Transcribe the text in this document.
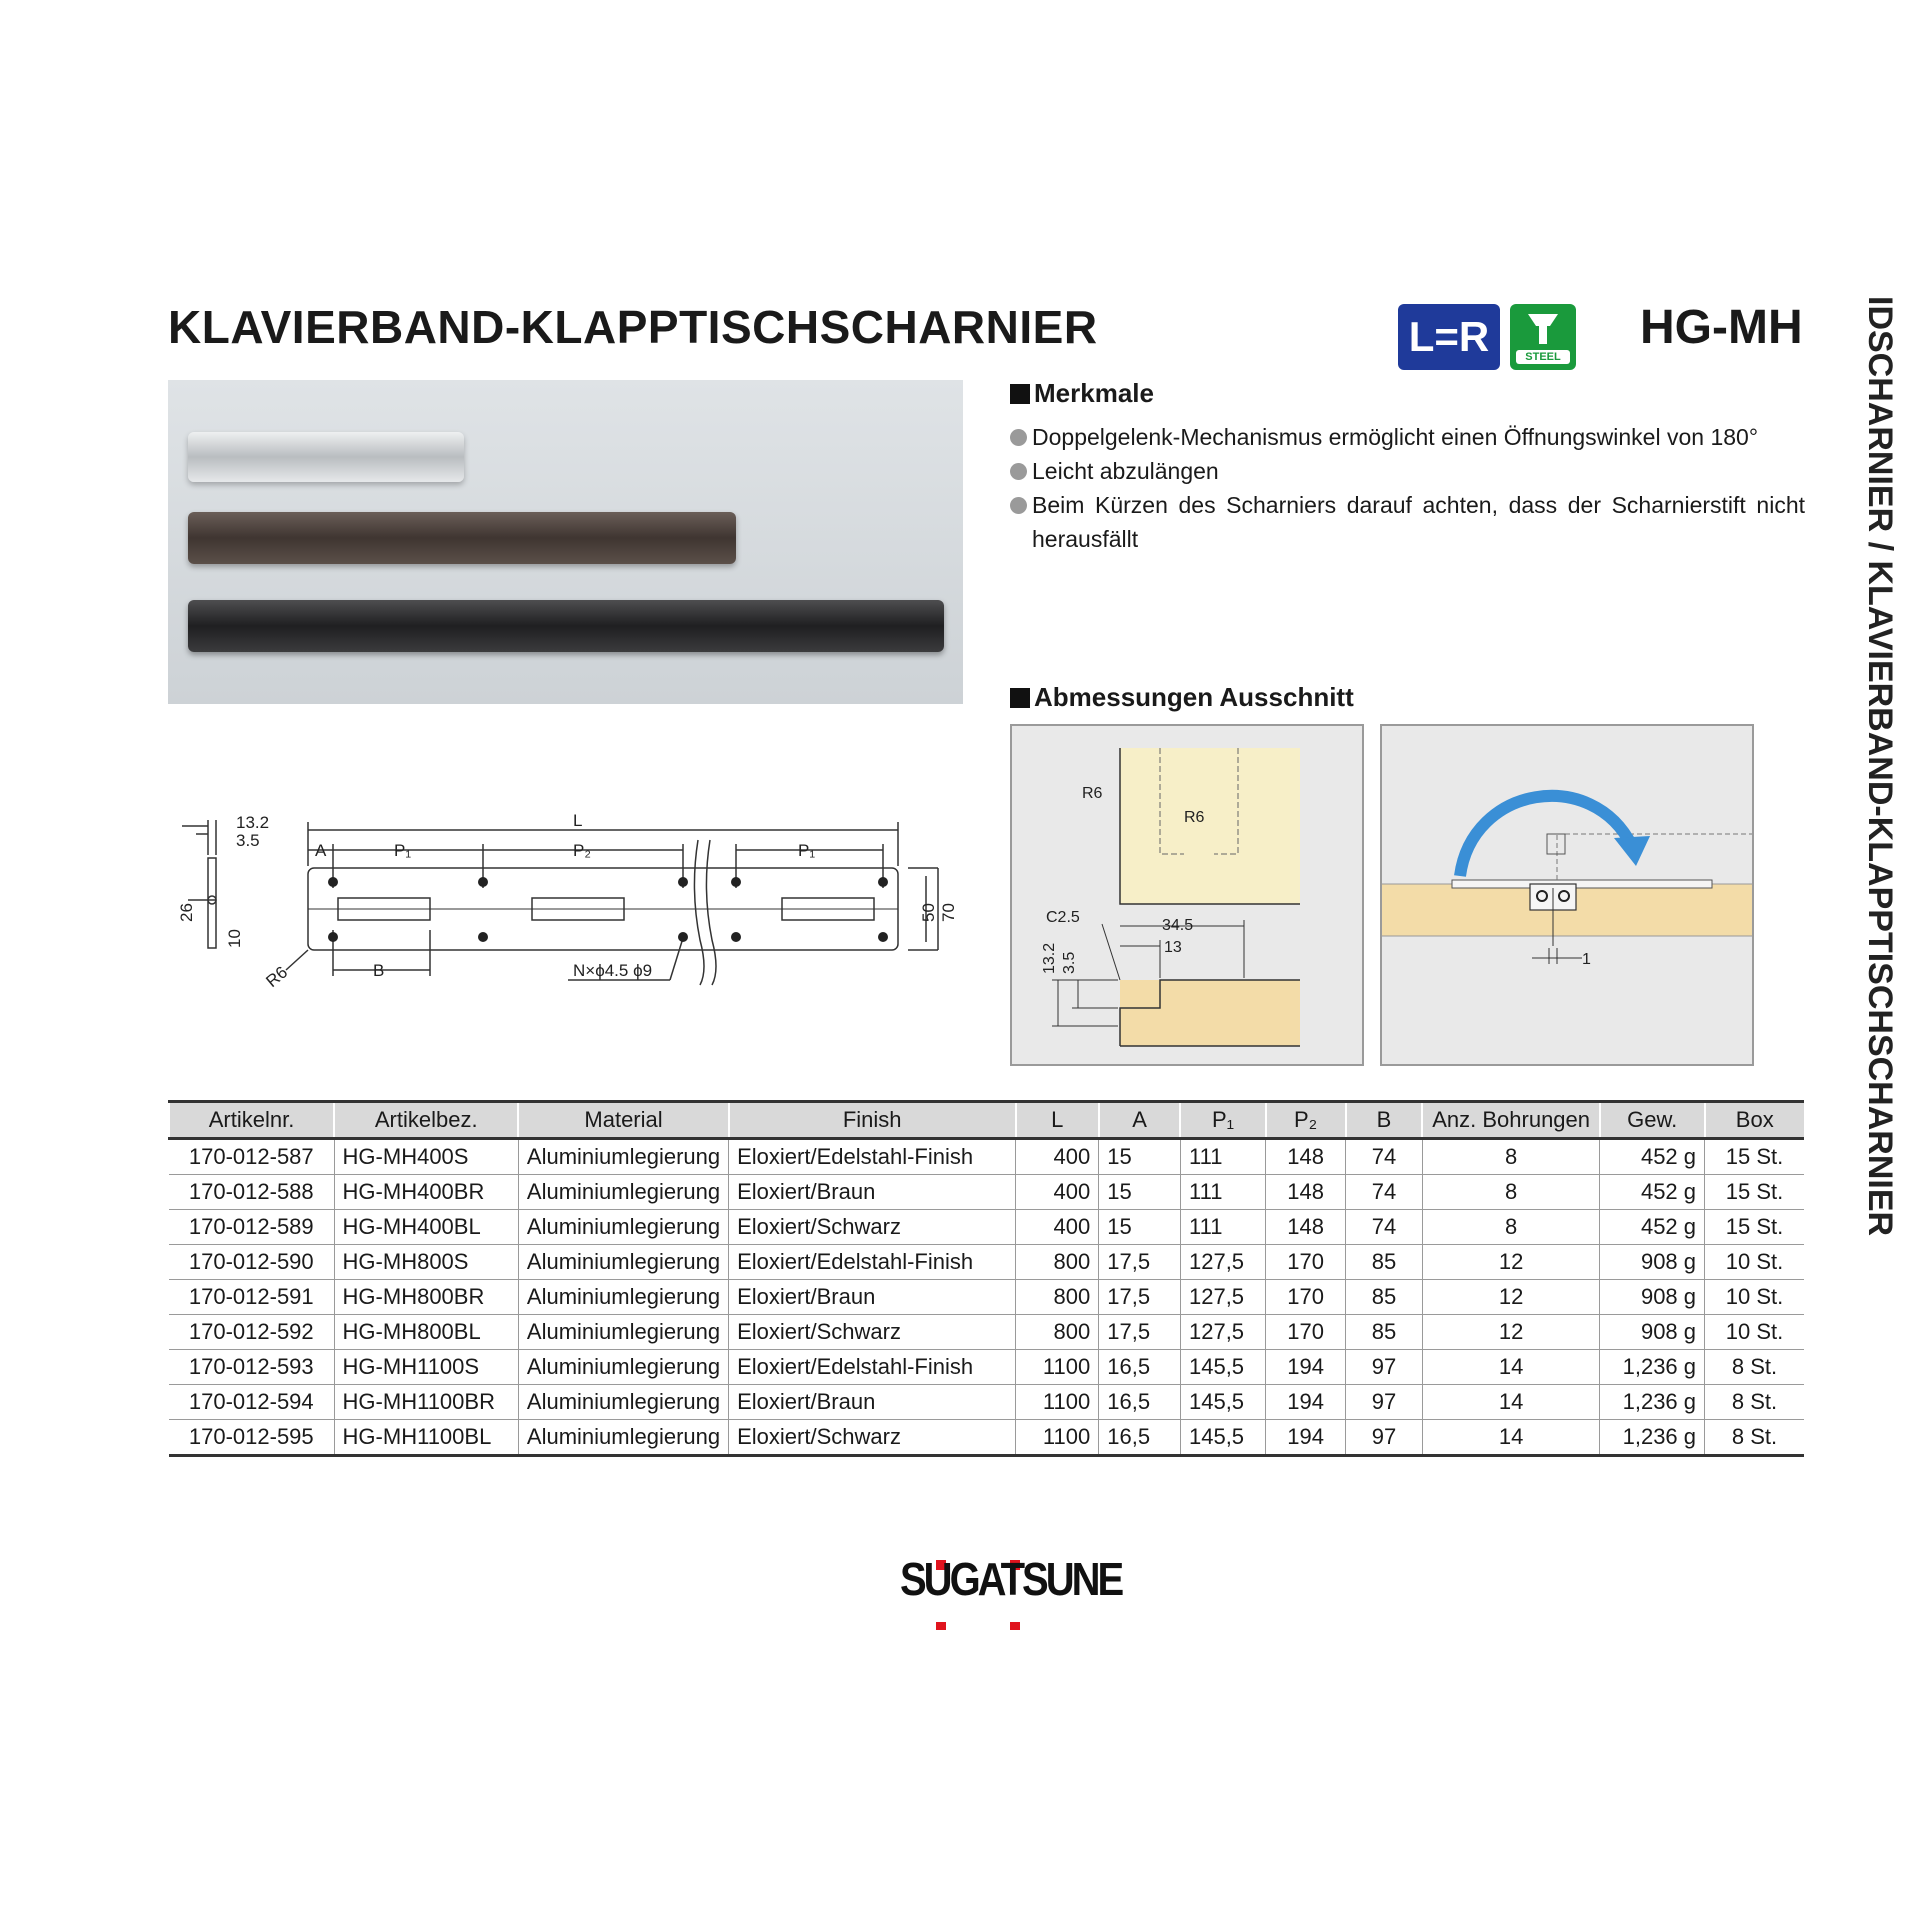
KLAVIERBAND-KLAPPTISCHSCHARNIER	L=R	STEEL
HG-MH IDSCHARNIER / KLAVIERBAND-KLAPPTISCHSCHARNIER
Merkmale
Doppelgelenk-Mechanismus ermöglicht einen Öffnungswinkel von 180°
Leicht abzulängen
Beim Kürzen des Scharniers darauf achten, dass der Scharnierstift nicht herausfällt
13.2
3.5
26
10
A	P₁	P₂	P₁
L
B
R6	N×ϕ4.5 ϕ9
50 70
Abmessungen Ausschnitt
R6
R6
C2.5	34.5
13
13.2 3.5	1
Artikelnr.	Artikelbez.	Material	Finish	L	A	P₁	P₂	B	Anz. Bohrungen	Gew.	Box
170-012-587	HG-MH400S	Aluminiumlegierung	Eloxiert/Edelstahl-Finish	400	15	111	148	74	8	452 g	15 St.
170-012-588	HG-MH400BR	Aluminiumlegierung	Eloxiert/Braun	400	15	111	148	74	8	452 g	15 St.
170-012-589	HG-MH400BL	Aluminiumlegierung	Eloxiert/Schwarz	400	15	111	148	74	8	452 g	15 St.
170-012-590	HG-MH800S	Aluminiumlegierung	Eloxiert/Edelstahl-Finish	800	17,5	127,5	170	85	12	908 g	10 St.
170-012-591	HG-MH800BR	Aluminiumlegierung	Eloxiert/Braun	800	17,5	127,5	170	85	12	908 g	10 St.
170-012-592	HG-MH800BL	Aluminiumlegierung	Eloxiert/Schwarz	800	17,5	127,5	170	85	12	908 g	10 St.
170-012-593	HG-MH1100S	Aluminiumlegierung	Eloxiert/Edelstahl-Finish	1100	16,5	145,5	194	97	14	1,236 g	8 St.
170-012-594	HG-MH1100BR	Aluminiumlegierung	Eloxiert/Braun	1100	16,5	145,5	194	97	14	1,236 g	8 St.
170-012-595	HG-MH1100BL	Aluminiumlegierung	Eloxiert/Schwarz	1100	16,5	145,5	194	97	14	1,236 g	8 St.
SUGATSUNE
